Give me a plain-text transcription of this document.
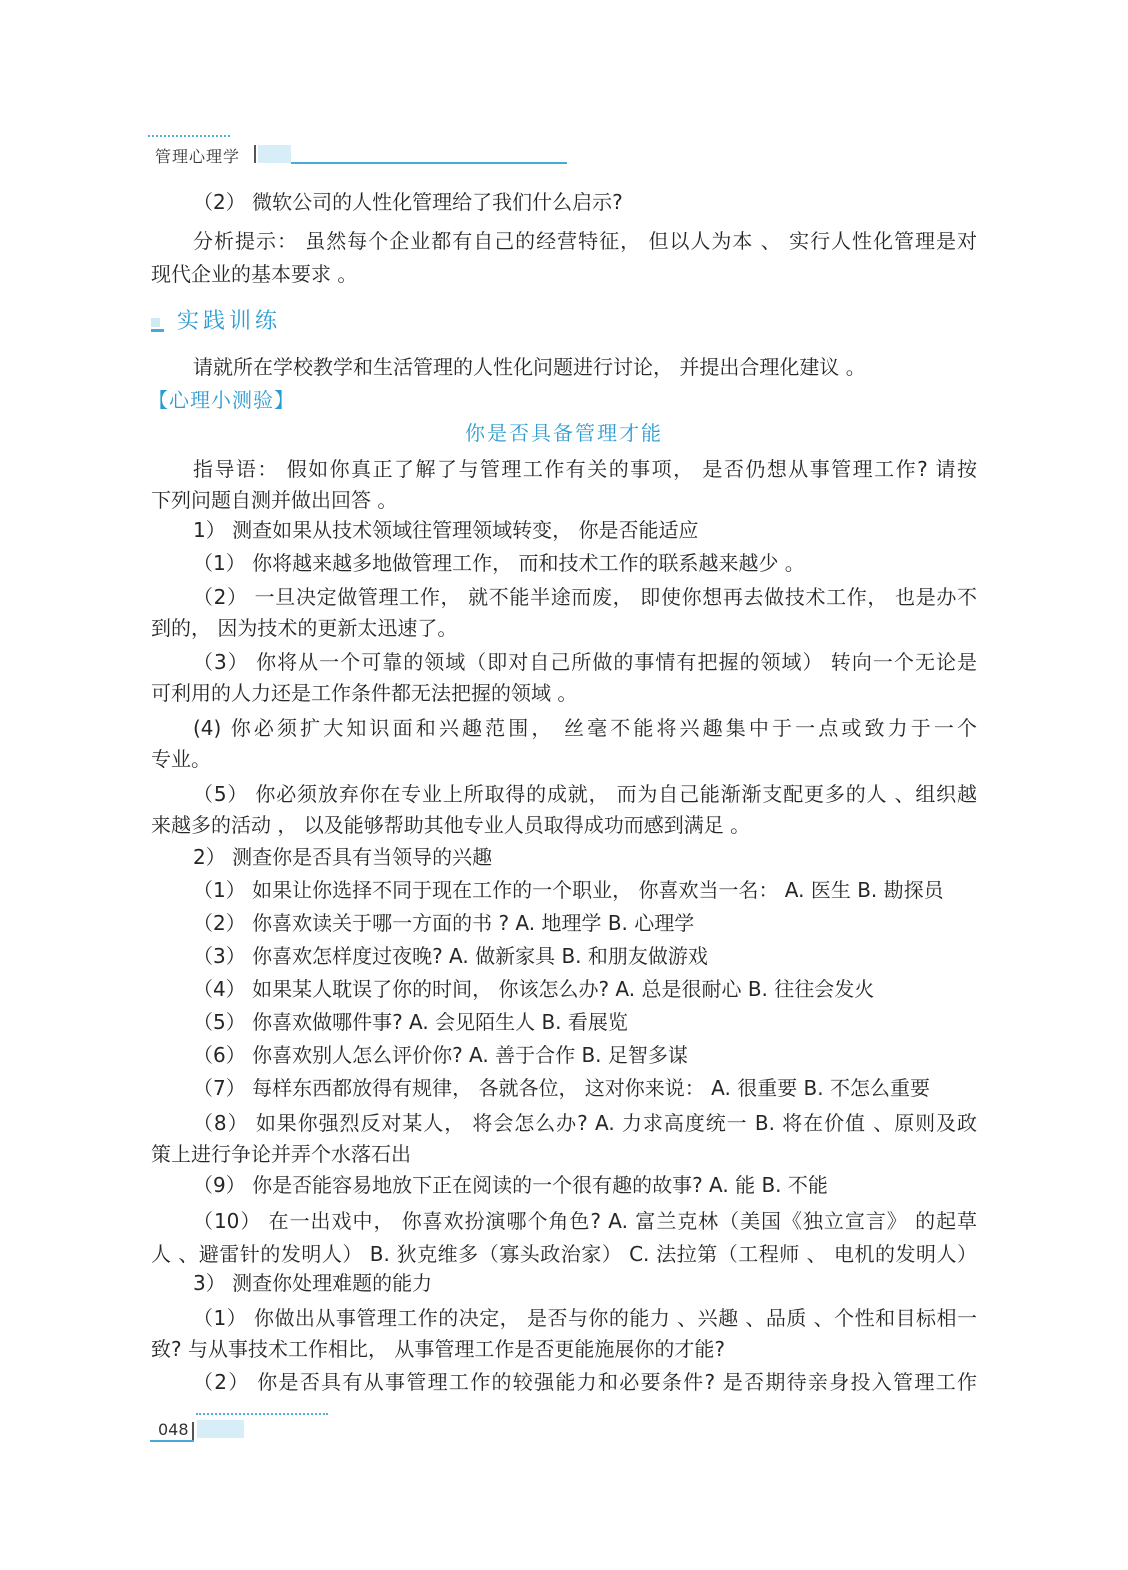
管理心理学
（2） 微软公司的人性化管理给了我们什么启示?
分析提示： 虽然每个企业都有自己的经营特征， 但以人为本 、 实行人性化管理是对
现代企业的基本要求 。
实践训练
请就所在学校教学和生活管理的人性化问题进行讨论， 并提出合理化建议 。
【心理小测验】
你是否具备管理才能
指导语： 假如你真正了解了与管理工作有关的事项， 是否仍想从事管理工作? 请按
下列问题自测并做出回答 。
1） 测查如果从技术领域往管理领域转变， 你是否能适应
（1） 你将越来越多地做管理工作， 而和技术工作的联系越来越少 。
（2） 一旦决定做管理工作， 就不能半途而废， 即使你想再去做技术工作， 也是办不
到的， 因为技术的更新太迅速了。
（3） 你将从一个可靠的领域（即对自己所做的事情有把握的领域） 转向一个无论是
可利用的人力还是工作条件都无法把握的领域 。
(4) 你必须扩大知识面和兴趣范围， 丝毫不能将兴趣集中于一点或致力于一个
专业。
（5） 你必须放弃你在专业上所取得的成就， 而为自己能渐渐支配更多的人 、组织越
来越多的活动 ， 以及能够帮助其他专业人员取得成功而感到满足 。
2） 测查你是否具有当领导的兴趣
（1） 如果让你选择不同于现在工作的一个职业， 你喜欢当一名： A. 医生 B. 勘探员
（2） 你喜欢读关于哪一方面的书 ? A. 地理学 B. 心理学
（3） 你喜欢怎样度过夜晚? A. 做新家具 B. 和朋友做游戏
（4） 如果某人耽误了你的时间， 你该怎么办? A. 总是很耐心 B. 往往会发火
（5） 你喜欢做哪件事? A. 会见陌生人 B. 看展览
（6） 你喜欢别人怎么评价你? A. 善于合作 B. 足智多谋
（7） 每样东西都放得有规律， 各就各位， 这对你来说： A. 很重要 B. 不怎么重要
（8） 如果你强烈反对某人， 将会怎么办? A. 力求高度统一 B. 将在价值 、原则及政
策上进行争论并弄个水落石出
（9） 你是否能容易地放下正在阅读的一个很有趣的故事? A. 能 B. 不能
（10） 在一出戏中， 你喜欢扮演哪个角色? A. 富兰克林（美国《独立宣言》 的起草
人 、避雷针的发明人） B. 狄克维多（寡头政治家） C. 法拉第（工程师 、 电机的发明人）
3） 测查你处理难题的能力
（1） 你做出从事管理工作的决定， 是否与你的能力 、兴趣 、品质 、个性和目标相一
致? 与从事技术工作相比， 从事管理工作是否更能施展你的才能?
（2） 你是否具有从事管理工作的较强能力和必要条件? 是否期待亲身投入管理工作
048
